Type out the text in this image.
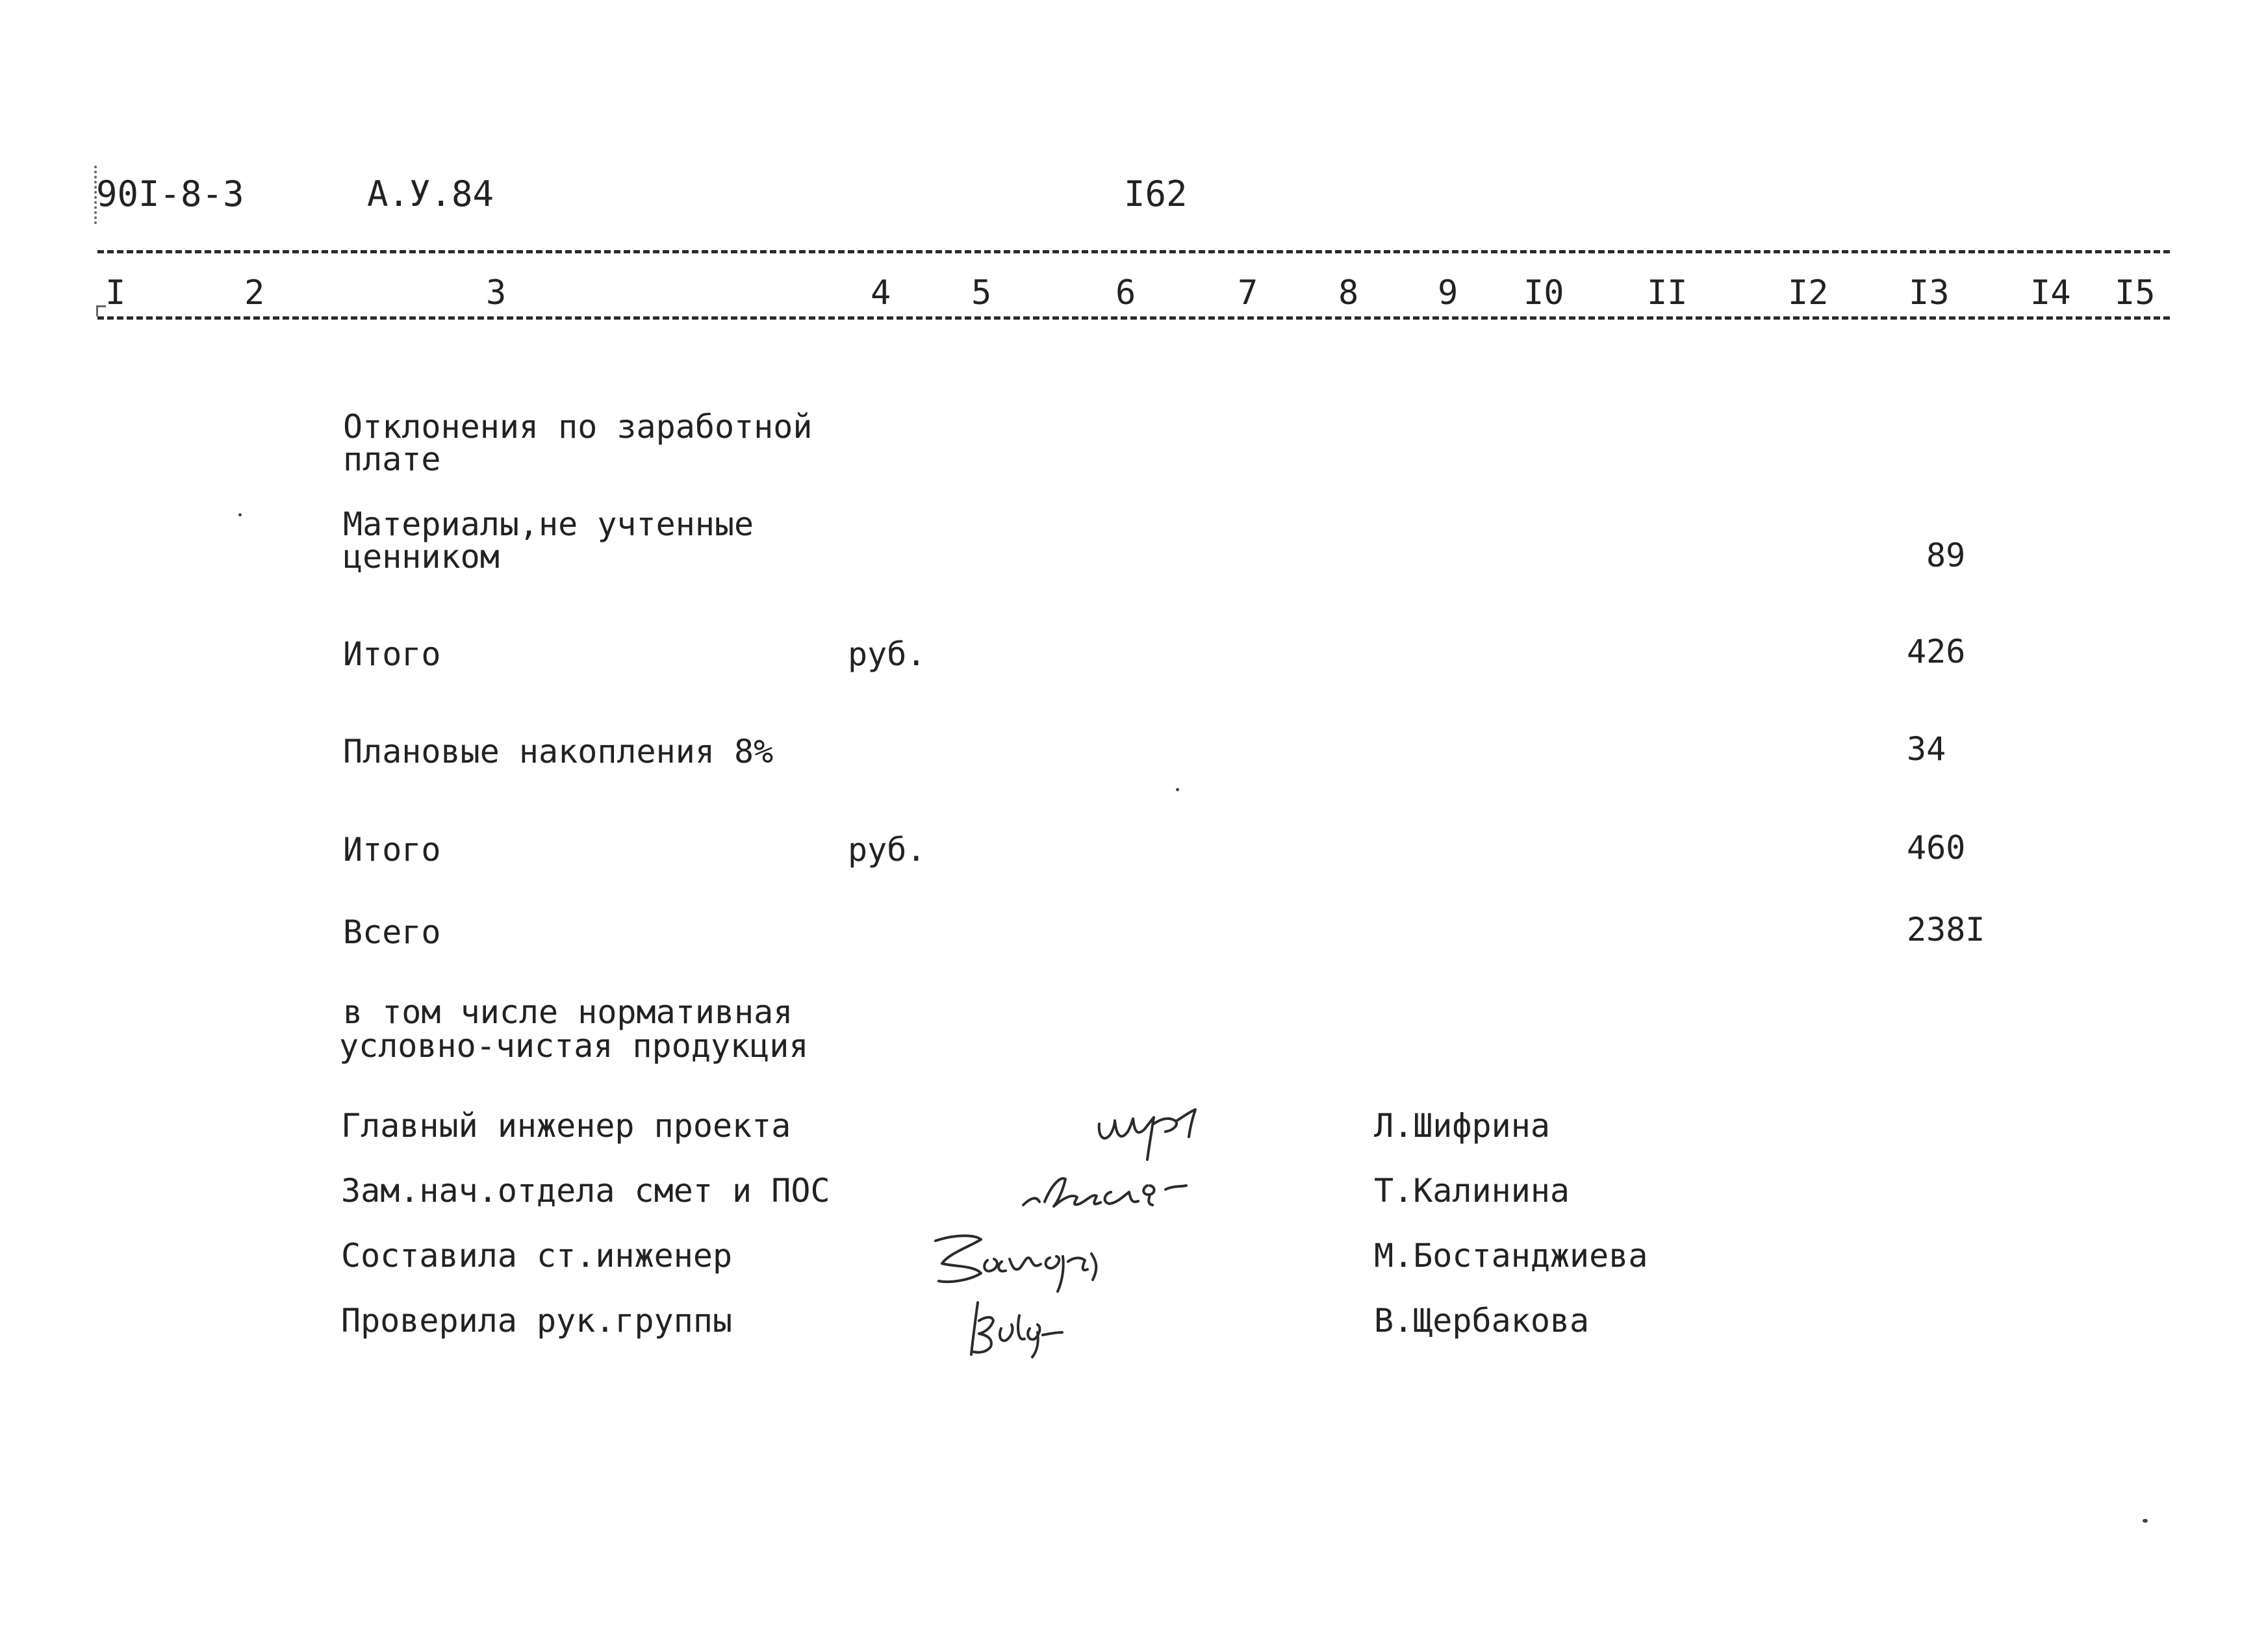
90I-8-3	А.У.84	I62
I	2	3	4 5	6	7 8 9 I0 II	I2 I3 I4 I5
Отклонения по заработной
плате
Материалы,не учтенные
ценником	89
Итого	руб.	426
Плановые накопления 8%	34
Итого	руб.	460
Всего	238I
в том числе нормативная
условно-чистая продукция
Главный инженер проекта	Л.Шифрина
Зам.нач.отдела смет и ПОС	Т.Калинина
Составила ст.инженер	М.Бостанджиева
Проверила рук.группы	В.Щербакова
